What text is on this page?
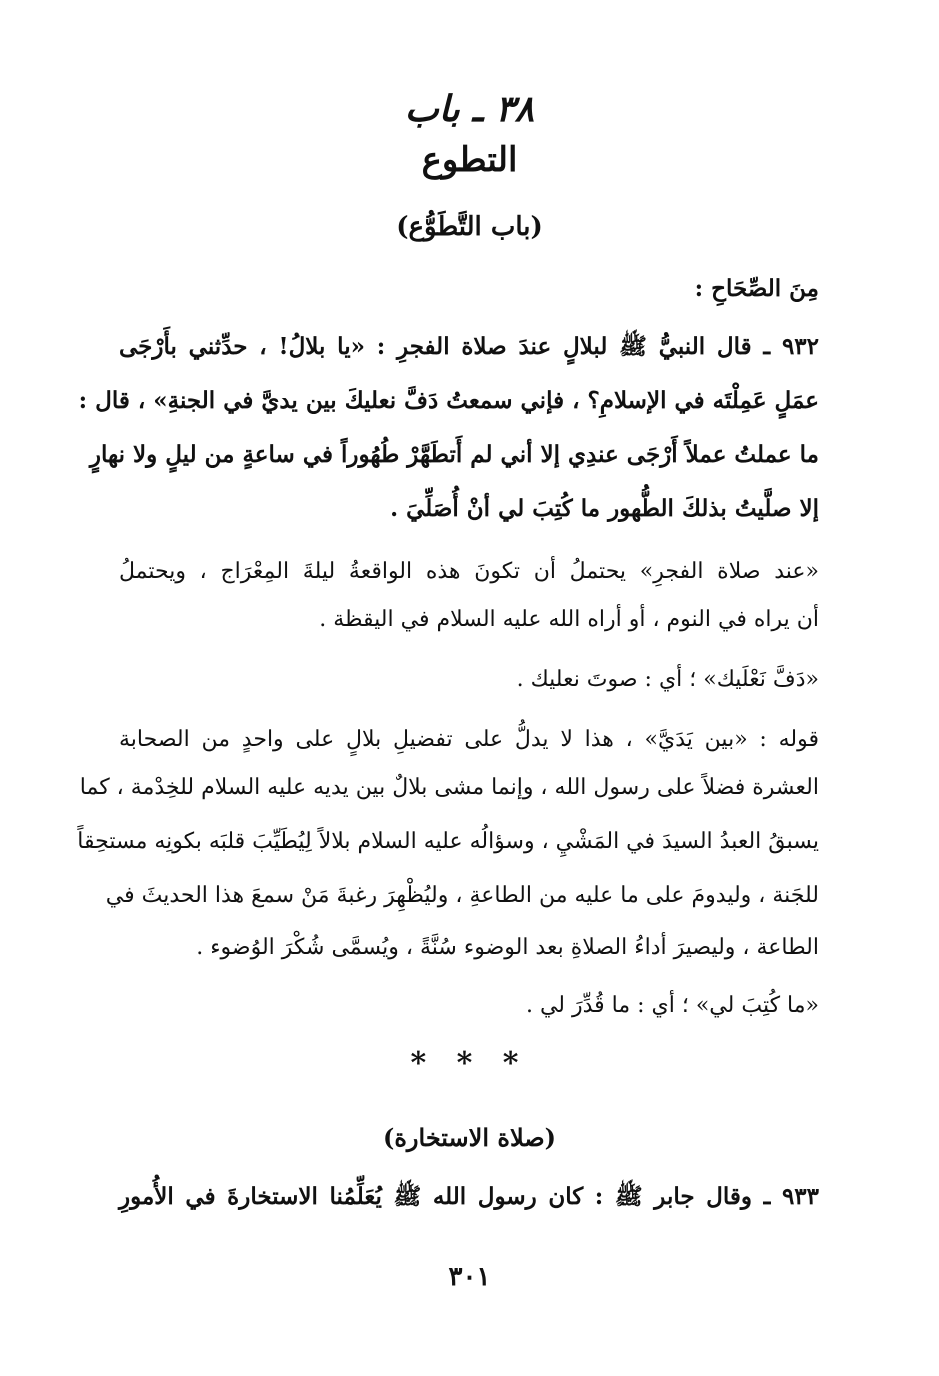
٣٨ ـ باب
التطوع
(باب التَّطَوُّع)
مِنَ الصِّحَاحِ :
٩٣٢ ـ قال النبيُّ ﷺ لبلالٍ عندَ صلاة الفجرِ : «يا بلالُ! ، حدِّثني بأَرْجَى
عمَلٍ عَمِلْتَه في الإسلامِ؟ ، فإني سمعتُ دَفَّ نعليكَ بين يديَّ في الجنةِ» ، قال :
ما عملتُ عملاً أَرْجَى عندِي إلا أني لم أَتطَهَّرْ طُهُوراً في ساعةٍ من ليلٍ ولا نهارٍ
إلا صلَّيتُ بذلكَ الطُّهور ما كُتِبَ لي أنْ أُصَلِّيَ .
«عند صلاة الفجرِ» يحتملُ أن تكونَ هذه الواقعةُ ليلةَ المِعْرَاج ، ويحتملُ
أن يراه في النوم ، أو أراه الله عليه السلام في اليقظة .
«دَفَّ نَعْلَيك» ؛ أي : صوتَ نعليك .
قوله : «بين يَدَيَّ» ، هذا لا يدلُّ على تفضيلِ بلالٍ على واحدٍ من الصحابة
العشرة فضلاً على رسول الله ، وإنما مشى بلالٌ بين يديه عليه السلام للخِدْمة ، كما
يسبقُ العبدُ السيدَ في المَشْيِ ، وسؤالُه عليه السلام بلالاً لِيُطَيِّبَ قلبَه بكونِه مستحِقاً
للجَنة ، وليدومَ على ما عليه من الطاعةِ ، وليُظْهِرَ رغبةَ مَنْ سمعَ هذا الحديثَ في
الطاعة ، وليصيرَ أداءُ الصلاةِ بعد الوضوء سُنَّةً ، ويُسمَّى شُكْرَ الوُضوء .
«ما كُتِبَ لي» ؛ أي : ما قُدِّرَ لي .
* * *
(صلاة الاستخارة)
٩٣٣ ـ وقال جابر ﷺ : كان رسول الله ﷺ يُعَلِّمُنا الاستخارةَ في الأُمورِ
٣٠١
